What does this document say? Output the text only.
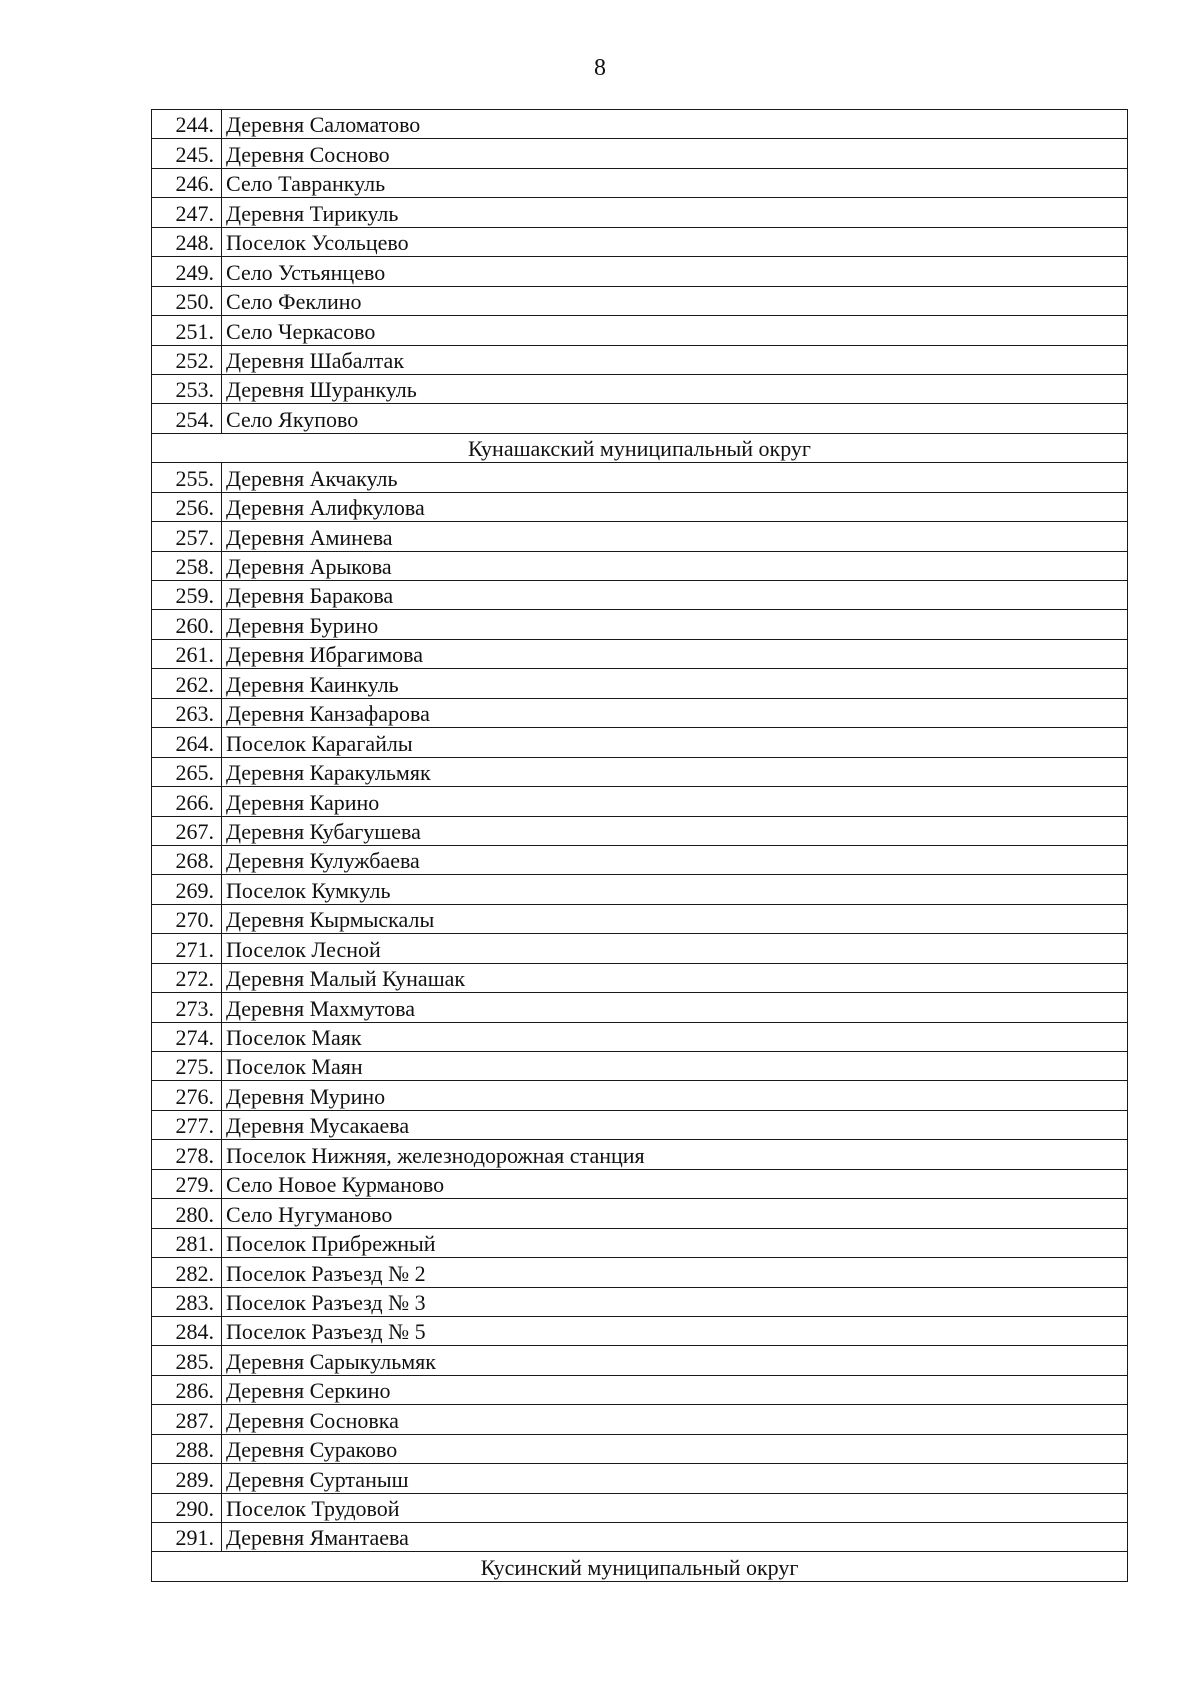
8
244.	Деревня Саломатово
245.	Деревня Сосново
246.	Село Тавранкуль
247.	Деревня Тирикуль
248.	Поселок Усольцево
249.	Село Устьянцево
250.	Село Феклино
251.	Село Черкасово
252.	Деревня Шабалтак
253.	Деревня Шуранкуль
254.	Село Якупово
Кунашакский муниципальный округ	
255.	Деревня Акчакуль
256.	Деревня Алифкулова
257.	Деревня Аминева
258.	Деревня Арыкова
259.	Деревня Баракова
260.	Деревня Бурино
261.	Деревня Ибрагимова
262.	Деревня Каинкуль
263.	Деревня Канзафарова
264.	Поселок Карагайлы
265.	Деревня Каракульмяк
266.	Деревня Карино
267.	Деревня Кубагушева
268.	Деревня Кулужбаева
269.	Поселок Кумкуль
270.	Деревня Кырмыскалы
271.	Поселок Лесной
272.	Деревня Малый Кунашак
273.	Деревня Махмутова
274.	Поселок Маяк
275.	Поселок Маян
276.	Деревня Мурино
277.	Деревня Мусакаева
278.	Поселок Нижняя, железнодорожная станция
279.	Село Новое Курманово
280.	Село Нугуманово
281.	Поселок Прибрежный
282.	Поселок Разъезд № 2
283.	Поселок Разъезд № 3
284.	Поселок Разъезд № 5
285.	Деревня Сарыкульмяк
286.	Деревня Серкино
287.	Деревня Сосновка
288.	Деревня Сураково
289.	Деревня Суртаныш
290.	Поселок Трудовой
291.	Деревня Ямантаева
Кусинский муниципальный округ	
